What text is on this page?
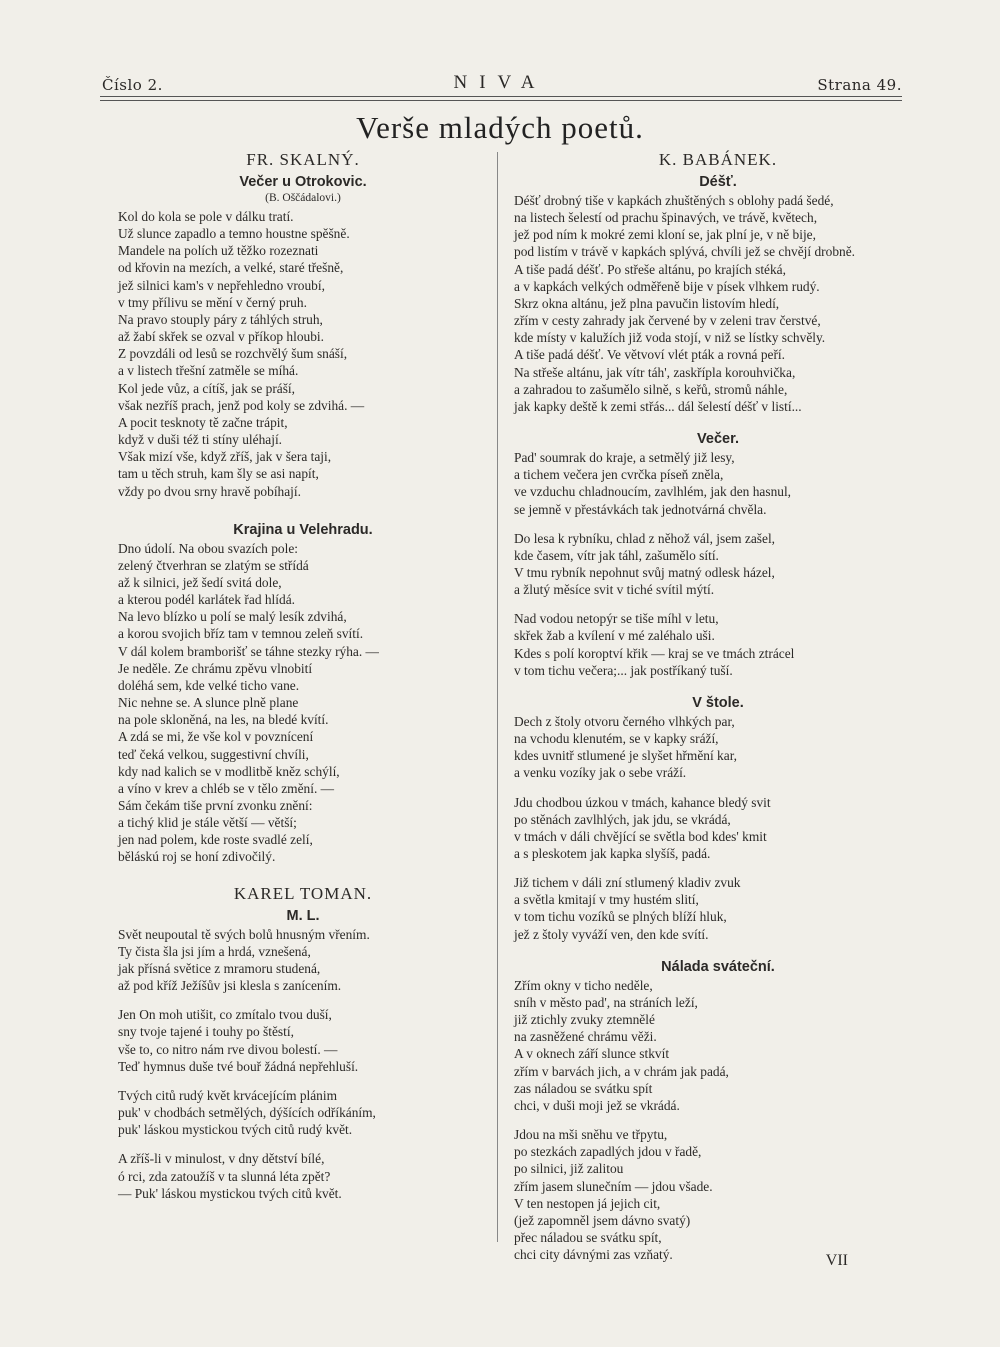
Číslo 2.	NIVA	Strana 49.
Verše mladých poetů.
FR. SKALNÝ.
Večer u Otrokovic.
(B. Oščádalovi.)
Kol do kola se pole v dálku tratí.
Už slunce zapadlo a temno houstne spěšně.
Mandele na polích už těžko rozeznati
od křovin na mezích, a velké, staré třešně,
jež silnici kam's v nepřehledno vroubí,
v tmy přílivu se mění v černý pruh.
Na pravo stouply páry z táhlých struh,
až žabí skřek se ozval v příkop hloubi.
Z povzdáli od lesů se rozchvělý šum snáší,
a v listech třešní zatměle se míhá.
Kol jede vůz, a cítíš, jak se práší,
však nezříš prach, jenž pod koly se zdvihá. —
A pocit tesknoty tě začne trápit,
když v duši též ti stíny uléhají.
Však mizí vše, když zříš, jak v šera taji,
tam u těch struh, kam šly se asi napít,
vždy po dvou srny hravě pobíhají.
Krajina u Velehradu.
Dno údolí. Na obou svazích pole:
zelený čtverhran se zlatým se střídá
až k silnici, jež šedí svitá dole,
a kterou podél karlátek řad hlídá.
Na levo blízko u polí se malý lesík zdvihá,
a korou svojich bříz tam v temnou zeleň svítí.
V dál kolem bramborišť se táhne stezky rýha. —
Je neděle. Ze chrámu zpěvu vlnobití
doléhá sem, kde velké ticho vane.
Nic nehne se. A slunce plně plane
na pole skloněná, na les, na bledé kvítí.
A zdá se mi, že vše kol v povznícení
teď čeká velkou, suggestivní chvíli,
kdy nad kalich se v modlitbě kněz schýlí,
a víno v krev a chléb se v tělo změní. —
Sám čekám tiše první zvonku znění:
a tichý klid je stále větší — větší;
jen nad polem, kde roste svadlé zelí,
běláskú roj se honí zdivočilý.
KAREL TOMAN.
M. L.
Svět neupoutal tě svých bolů hnusným vřením.
Ty čista šla jsi jím a hrdá, vznešená,
jak přísná světice z mramoru studená,
až pod kříž Ježíšův jsi klesla s zanícením.
Jen On moh utišit, co zmítalo tvou duší,
sny tvoje tajené i touhy po štěstí,
vše to, co nitro nám rve divou bolestí. —
Teď hymnus duše tvé bouř žádná nepřehluší.
Tvých citů rudý květ krvácejícím plánim
puk' v chodbách setmělých, dýšících odříkáním,
puk' láskou mystickou tvých citů rudý květ.
A zříš-li v minulost, v dny dětství bílé,
ó rci, zda zatoužíš v ta slunná léta zpět?
— Puk' láskou mystickou tvých citů květ.
K. BABÁNEK.
Déšť.
Déšť drobný tiše v kapkách zhuštěných s oblohy padá šedé,
na listech šelestí od prachu špinavých, ve trávě, květech,
jež pod ním k mokré zemi kloní se, jak plní je, v ně bije,
pod listím v trávě v kapkách splývá, chvíli jež se chvějí drobně.
A tiše padá déšť. Po střeše altánu, po krajích stéká,
a v kapkách velkých odměřeně bije v písek vlhkem rudý.
Skrz okna altánu, jež plna pavučin listovím hledí,
zřím v cesty zahrady jak červené by v zeleni trav čerstvé,
kde místy v kalužích již voda stojí, v niž se lístky schvěly.
A tiše padá déšť. Ve větvoví vlét pták a rovná peří.
Na střeše altánu, jak vítr táh', zaskřípla korouhvička,
a zahradou to zašumělo silně, s keřů, stromů náhle,
jak kapky deště k zemi střás... dál šelestí déšť v listí...
Večer.
Pad' soumrak do kraje, a setmělý již lesy,
a tichem večera jen cvrčka píseň zněla,
ve vzduchu chladnoucím, zavlhlém, jak den hasnul,
se jemně v přestávkách tak jednotvárná chvěla.
Do lesa k rybníku, chlad z něhož vál, jsem zašel,
kde časem, vítr jak táhl, zašumělo sítí.
V tmu rybník nepohnut svůj matný odlesk házel,
a žlutý měsíce svit v tiché svítil mýtí.
Nad vodou netopýr se tiše míhl v letu,
skřek žab a kvílení v mé zaléhalo uši.
Kdes s polí koroptví křik — kraj se ve tmách ztrácel
v tom tichu večera;... jak postříkaný tuší.
V štole.
Dech z štoly otvoru černého vlhkých par,
na vchodu klenutém, se v kapky sráží,
kdes uvnitř stlumené je slyšet hřmění kar,
a venku vozíky jak o sebe vráží.
Jdu chodbou úzkou v tmách, kahance bledý svit
po stěnách zavlhlých, jak jdu, se vkrádá,
v tmách v dáli chvějící se světla bod kdes' kmit
a s pleskotem jak kapka slyšíš, padá.
Již tichem v dáli zní stlumený kladiv zvuk
a světla kmitají v tmy hustém slití,
v tom tichu vozíků se plných blíží hluk,
jež z štoly vyváží ven, den kde svítí.
Nálada sváteční.
Zřím okny v ticho neděle,
sníh v město pad', na stráních leží,
již ztichly zvuky ztemnělé
na zasněžené chrámu věži.
A v oknech září slunce stkvít
zřím v barvách jich, a v chrám jak padá,
zas náladou se svátku spít
chci, v duši moji jež se vkrádá.
Jdou na mši sněhu ve třpytu,
po stezkách zapadlých jdou v řadě,
po silnici, již zalitou
zřím jasem slunečním — jdou všade.
V ten nestopen já jejich cit,
(jež zapomněl jsem dávno svatý)
přec náladou se svátku spít,
chci city dávnými zas vzňatý.	VII
